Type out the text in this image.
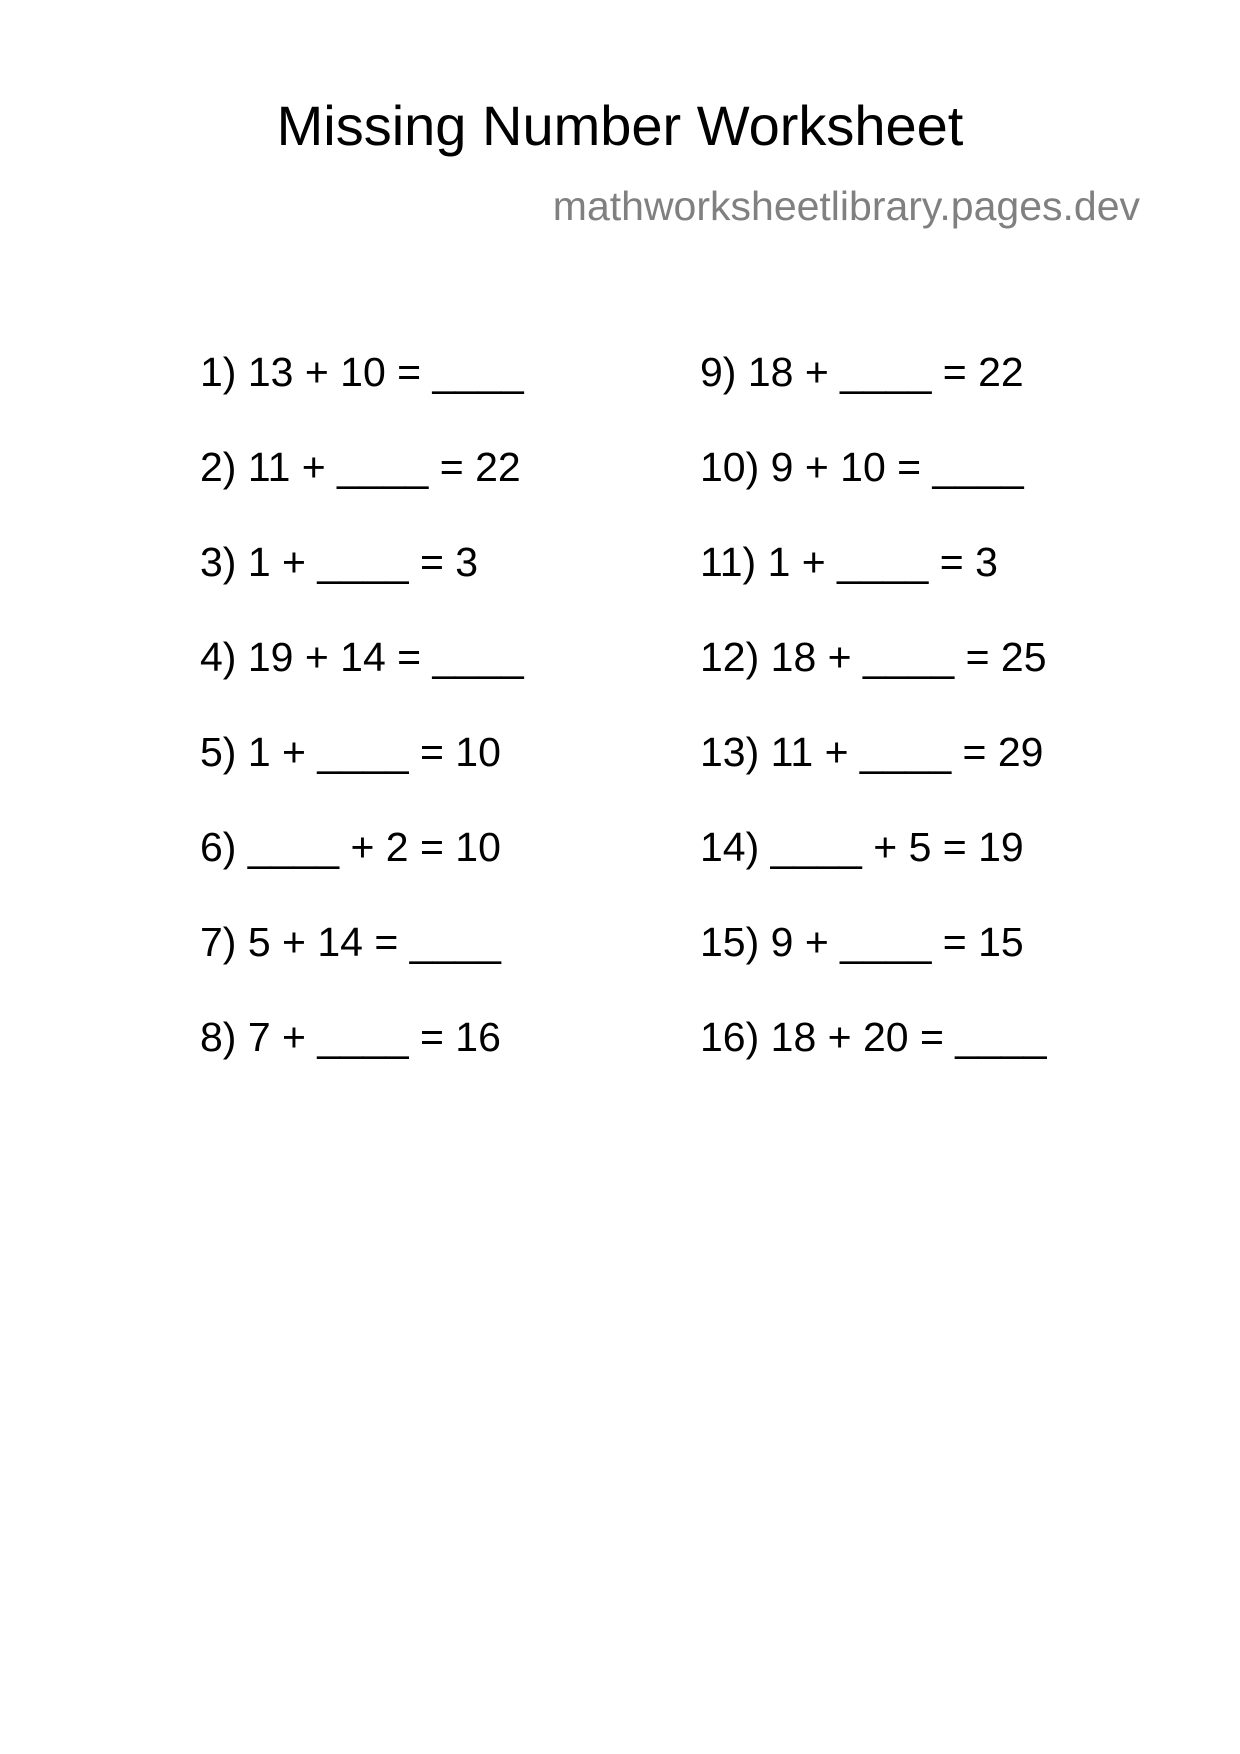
Missing Number Worksheet
mathworksheetlibrary.pages.dev
1) 13 + 10 = ____
2) 11 + ____ = 22
3) 1 + ____ = 3
4) 19 + 14 = ____
5) 1 + ____ = 10
6) ____ + 2 = 10
7) 5 + 14 = ____
8) 7 + ____ = 16
9) 18 + ____ = 22
10) 9 + 10 = ____
11) 1 + ____ = 3
12) 18 + ____ = 25
13) 11 + ____ = 29
14) ____ + 5 = 19
15) 9 + ____ = 15
16) 18 + 20 = ____
